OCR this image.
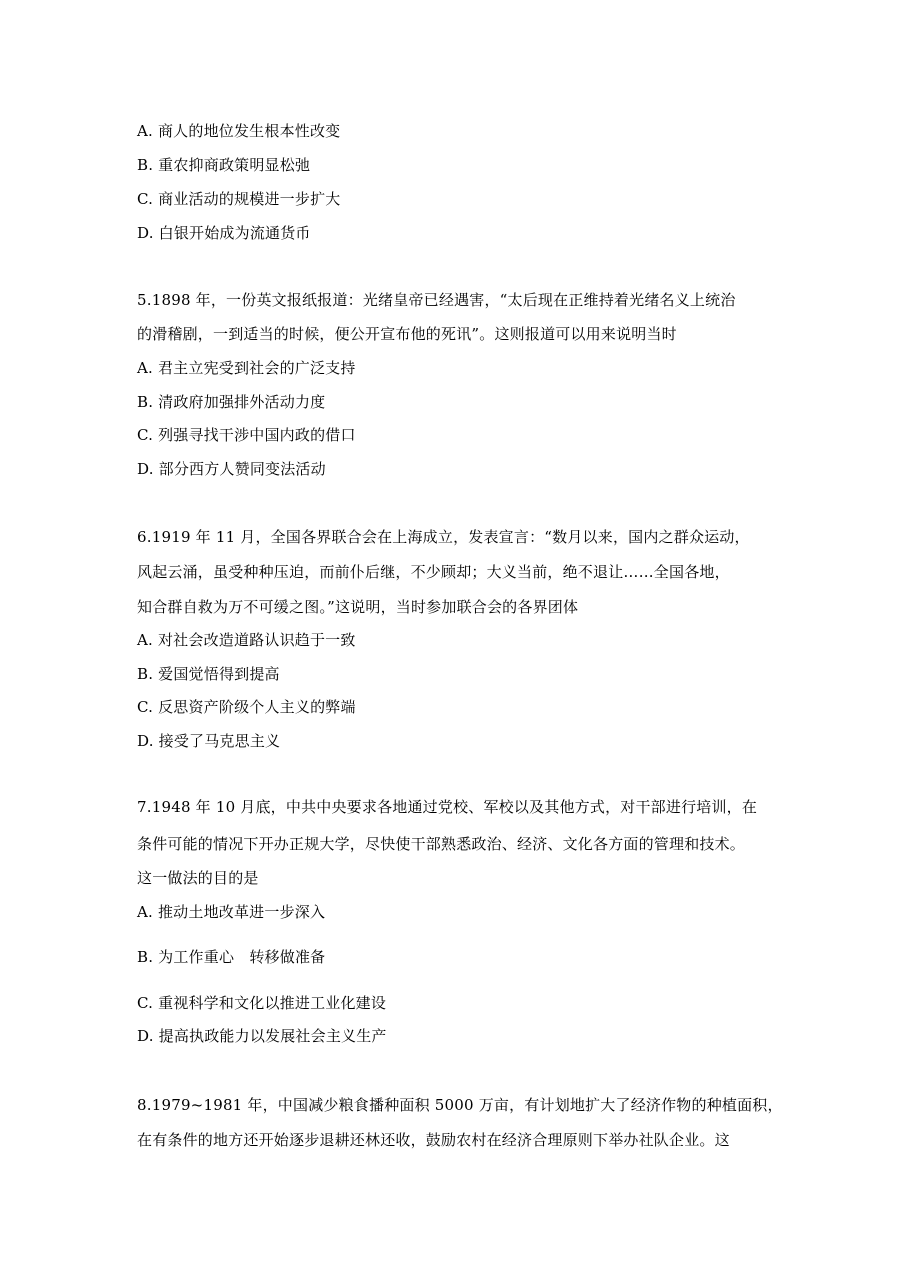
A. 商人的地位发生根本性改变
B. 重农抑商政策明显松弛
C. 商业活动的规模进一步扩大
D. 白银开始成为流通货币
5.1898 年，一份英文报纸报道：光绪皇帝已经遇害，“太后现在正维持着光绪名义上统治
的滑稽剧，一到适当的时候，便公开宣布他的死讯”。这则报道可以用来说明当时
A. 君主立宪受到社会的广泛支持
B. 清政府加强排外活动力度
C. 列强寻找干涉中国内政的借口
D. 部分西方人赞同变法活动
6.1919 年 11 月，全国各界联合会在上海成立，发表宣言：“数月以来，国内之群众运动，
风起云涌，虽受种种压迫，而前仆后继，不少顾却；大义当前，绝不退让……全国各地，
知合群自救为万不可缓之图。”这说明，当时参加联合会的各界团体
A. 对社会改造道路认识趋于一致
B. 爱国觉悟得到提高
C. 反思资产阶级个人主义的弊端
D. 接受了马克思主义
7.1948 年 10 月底，中共中央要求各地通过党校、军校以及其他方式，对干部进行培训，在
条件可能的情况下开办正规大学，尽快使干部熟悉政治、经济、文化各方面的管理和技术。
这一做法的目的是
A. 推动土地改革进一步深入
B. 为工作重心　转移做准备
C. 重视科学和文化以推进工业化建设
D. 提高执政能力以发展社会主义生产
8.1979~1981 年，中国减少粮食播种面积 5000 万亩，有计划地扩大了经济作物的种植面积，
在有条件的地方还开始逐步退耕还林还收，鼓励农村在经济合理原则下举办社队企业。这
